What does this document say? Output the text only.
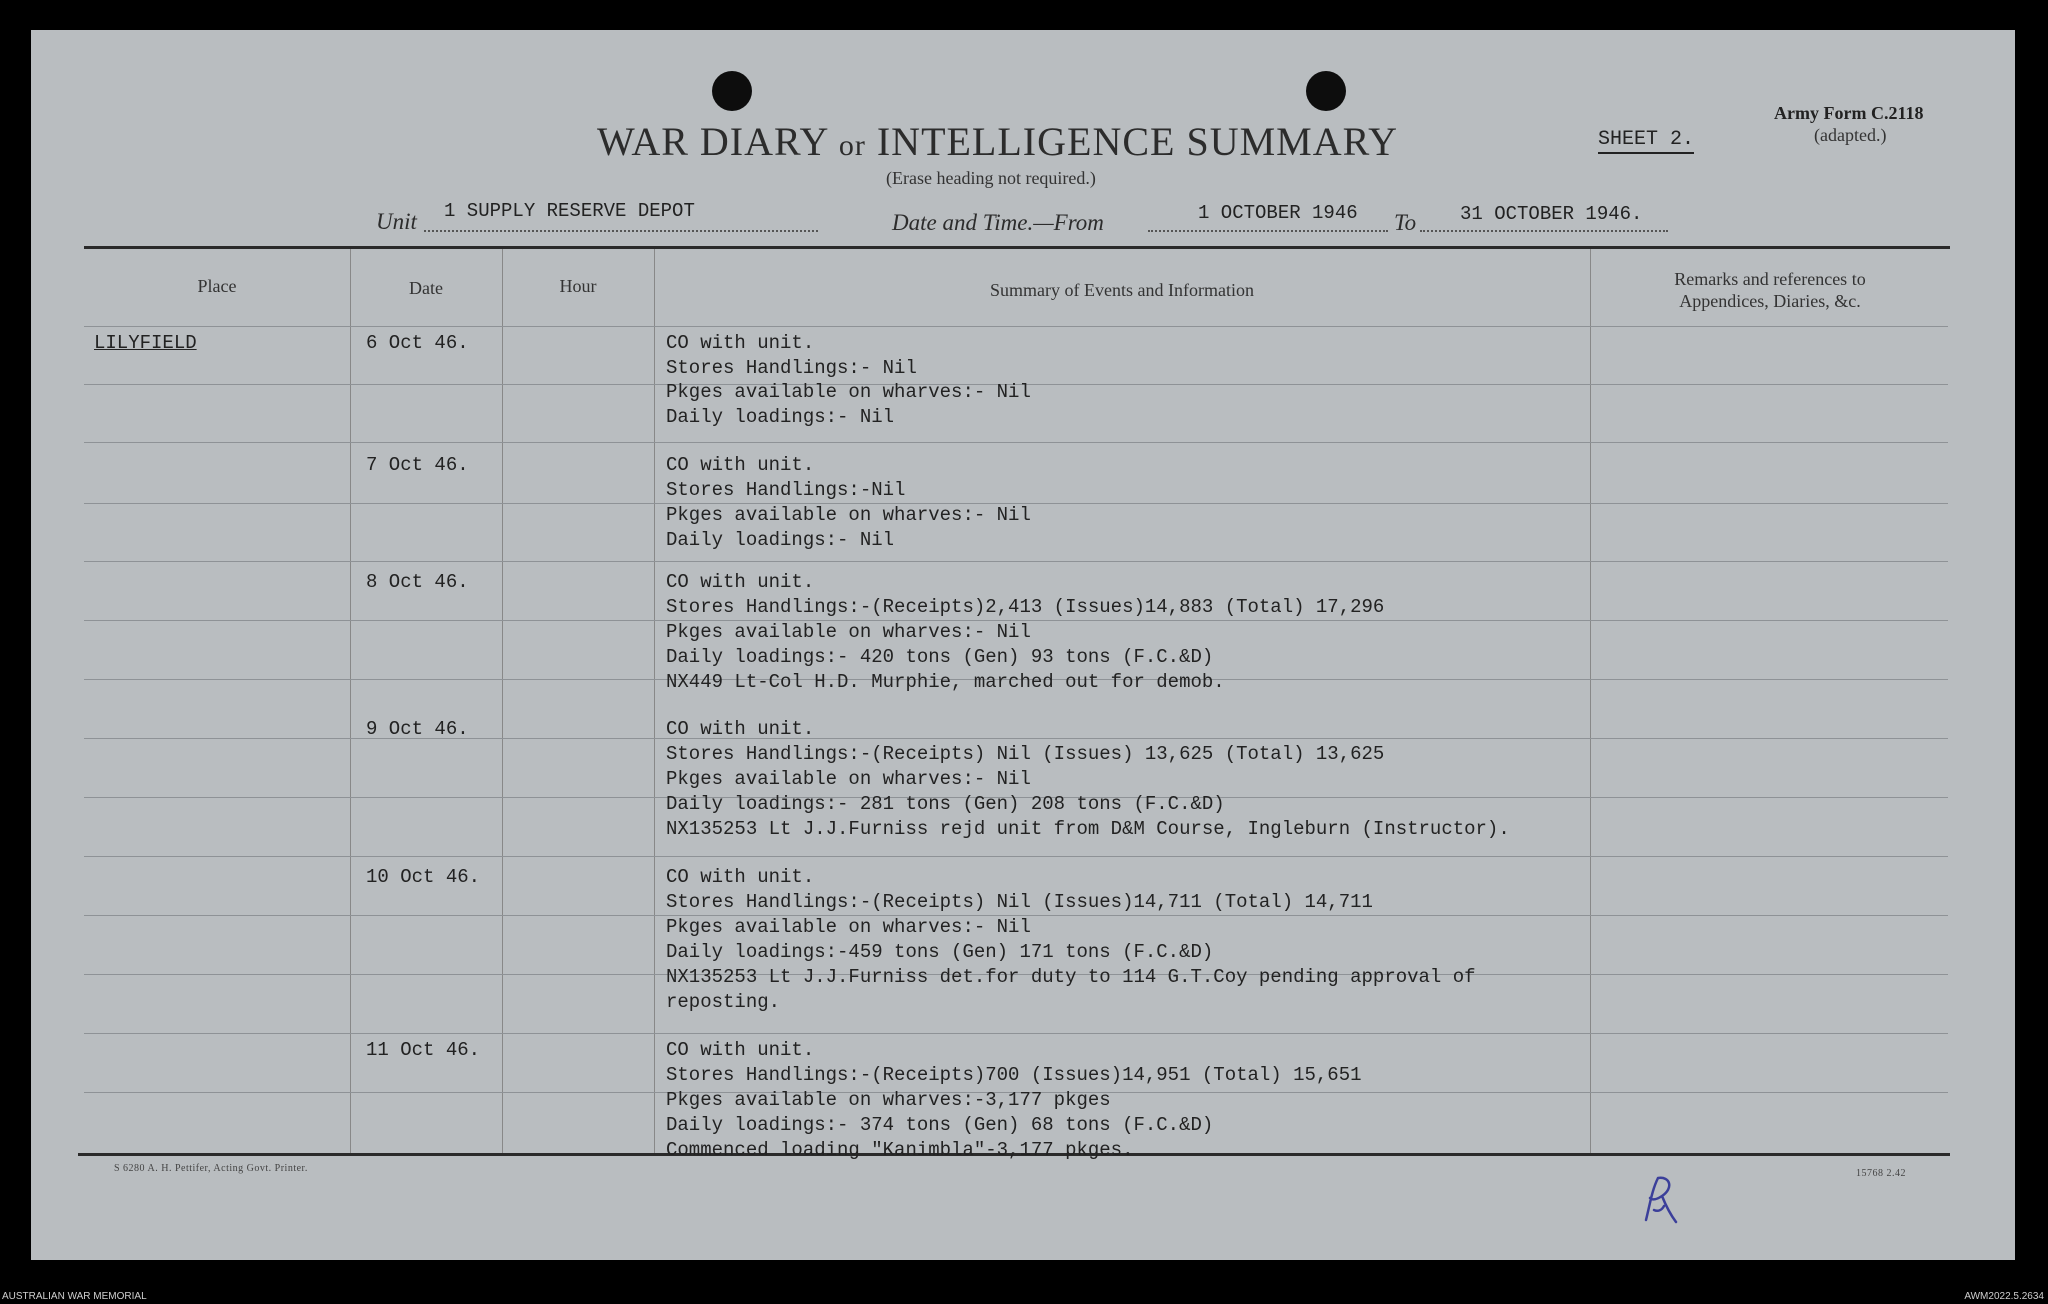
WAR DIARY or INTELLIGENCE SUMMARY
(Erase heading not required.)
SHEET 2.
Army Form C.2118
(adapted.)
Unit 1 SUPPLY RESERVE DEPOT	Date and Time.—From	1 OCTOBER 1946 To 31 OCTOBER 1946.
Place	Date	Hour	Summary of Events and Information
Remarks and references to
Appendices, Diaries, &c.
LILYFIELD	6 Oct 46.	CO with unit.
Stores Handlings:- Nil
Pkges available on wharves:- Nil
Daily loadings:- Nil
7 Oct 46.	CO with unit.
Stores Handlings:-Nil
Pkges available on wharves:- Nil
Daily loadings:- Nil
8 Oct 46.	CO with unit.
Stores Handlings:-(Receipts)2,413 (Issues)14,883 (Total) 17,296
Pkges available on wharves:- Nil
Daily loadings:- 420 tons (Gen) 93 tons (F.C.&D)
NX449 Lt-Col H.D. Murphie, marched out for demob.
9 Oct 46.	CO with unit.
Stores Handlings:-(Receipts) Nil (Issues) 13,625 (Total) 13,625
Pkges available on wharves:- Nil
Daily loadings:- 281 tons (Gen) 208 tons (F.C.&D)
NX135253 Lt J.J.Furniss rejd unit from D&M Course, Ingleburn (Instructor).
10 Oct 46.	CO with unit.
Stores Handlings:-(Receipts) Nil (Issues)14,711 (Total) 14,711
Pkges available on wharves:- Nil
Daily loadings:-459 tons (Gen) 171 tons (F.C.&D)
NX135253 Lt J.J.Furniss det.for duty to 114 G.T.Coy pending approval of
reposting.
11 Oct 46.	CO with unit.
Stores Handlings:-(Receipts)700 (Issues)14,951 (Total) 15,651
Pkges available on wharves:-3,177 pkges
Daily loadings:- 374 tons (Gen) 68 tons (F.C.&D)
Commenced loading "Kanimbla"-3,177 pkges.
S 6280 A. H. Pettifer, Acting Govt. Printer.	15768 2.42
AUSTRALIAN WAR MEMORIAL	AWM2022.5.2634
